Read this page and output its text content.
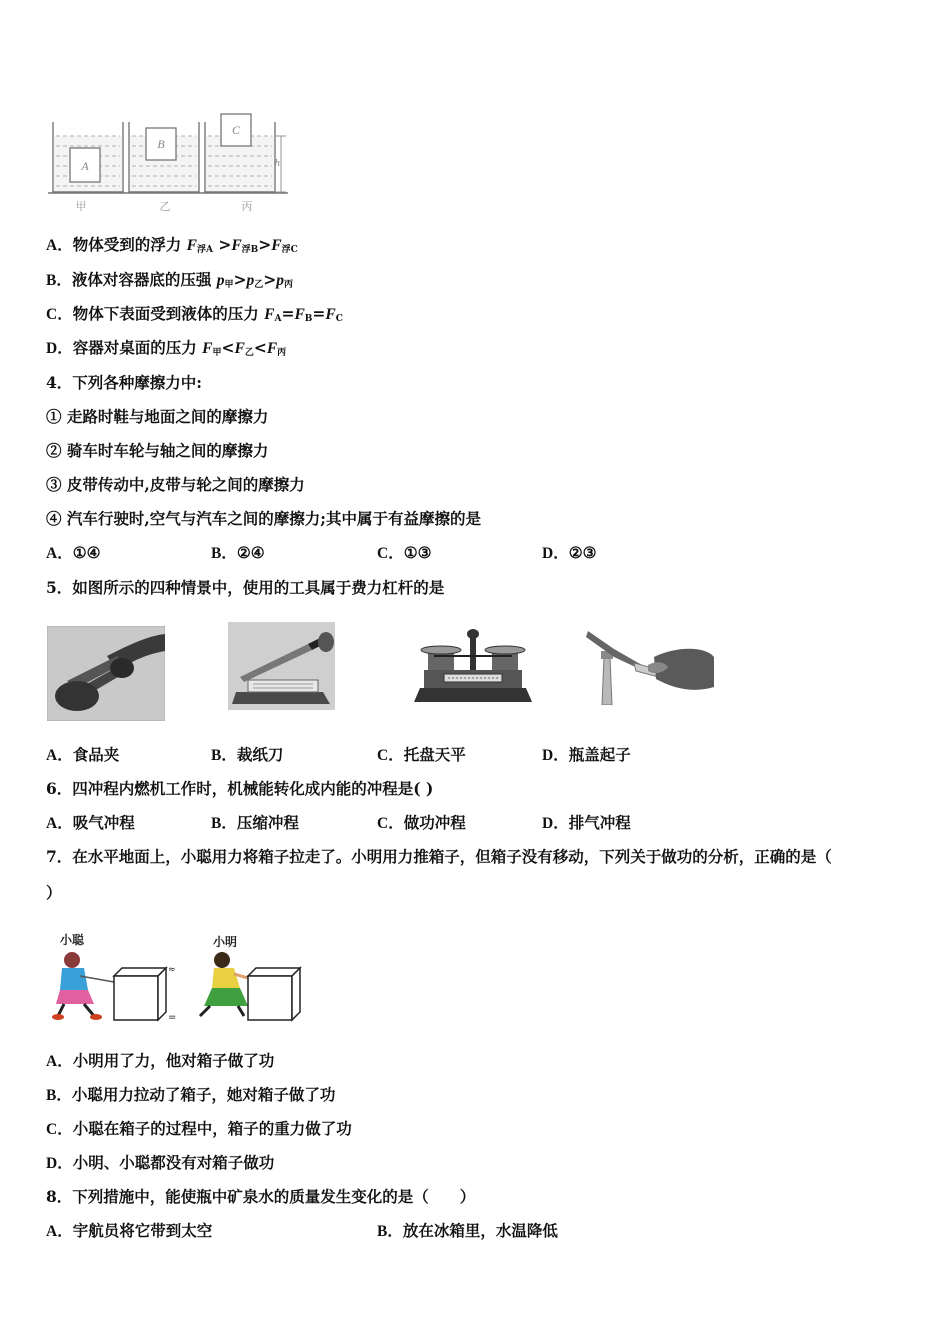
A
B
C
h
甲	乙	丙
A．物体受到的浮力 $F_{浮A} >F_{浮B}>F_{浮C}$
B．液体对容器底的压强 $p_甲>p_乙>p_丙$
C．物体下表面受到液体的压力 $F_A=F_B=F_C$
D．容器对桌面的压力 $F_甲<F_乙<F_丙$
4．下列各种摩擦力中:
① 走路时鞋与地面之间的摩擦力
② 骑车时车轮与轴之间的摩擦力
③ 皮带传动中,皮带与轮之间的摩擦力
④ 汽车行驶时,空气与汽车之间的摩擦力;其中属于有益摩擦的是
A．①④	B．②④	C．①③	D．②③
5．如图所示的四种情景中，使用的工具属于费力杠杆的是
A．食品夹	B．裁纸刀	C．托盘天平	D．瓶盖起子
6．四冲程内燃机工作时，机械能转化成内能的冲程是( )
A．吸气冲程	B．压缩冲程	C．做功冲程	D．排气冲程
7．在水平地面上，小聪用力将箱子拉走了。小明用力推箱子，但箱子没有移动，下列关于做功的分析，正确的是（
）
小聪	小明
≈
=
A．小明用了力，他对箱子做了功
B．小聪用力拉动了箱子，她对箱子做了功
C．小聪在箱子的过程中，箱子的重力做了功
D．小明、小聪都没有对箱子做功
8．下列措施中，能使瓶中矿泉水的质量发生变化的是（　　）
A．宇航员将它带到太空	B．放在冰箱里，水温降低
